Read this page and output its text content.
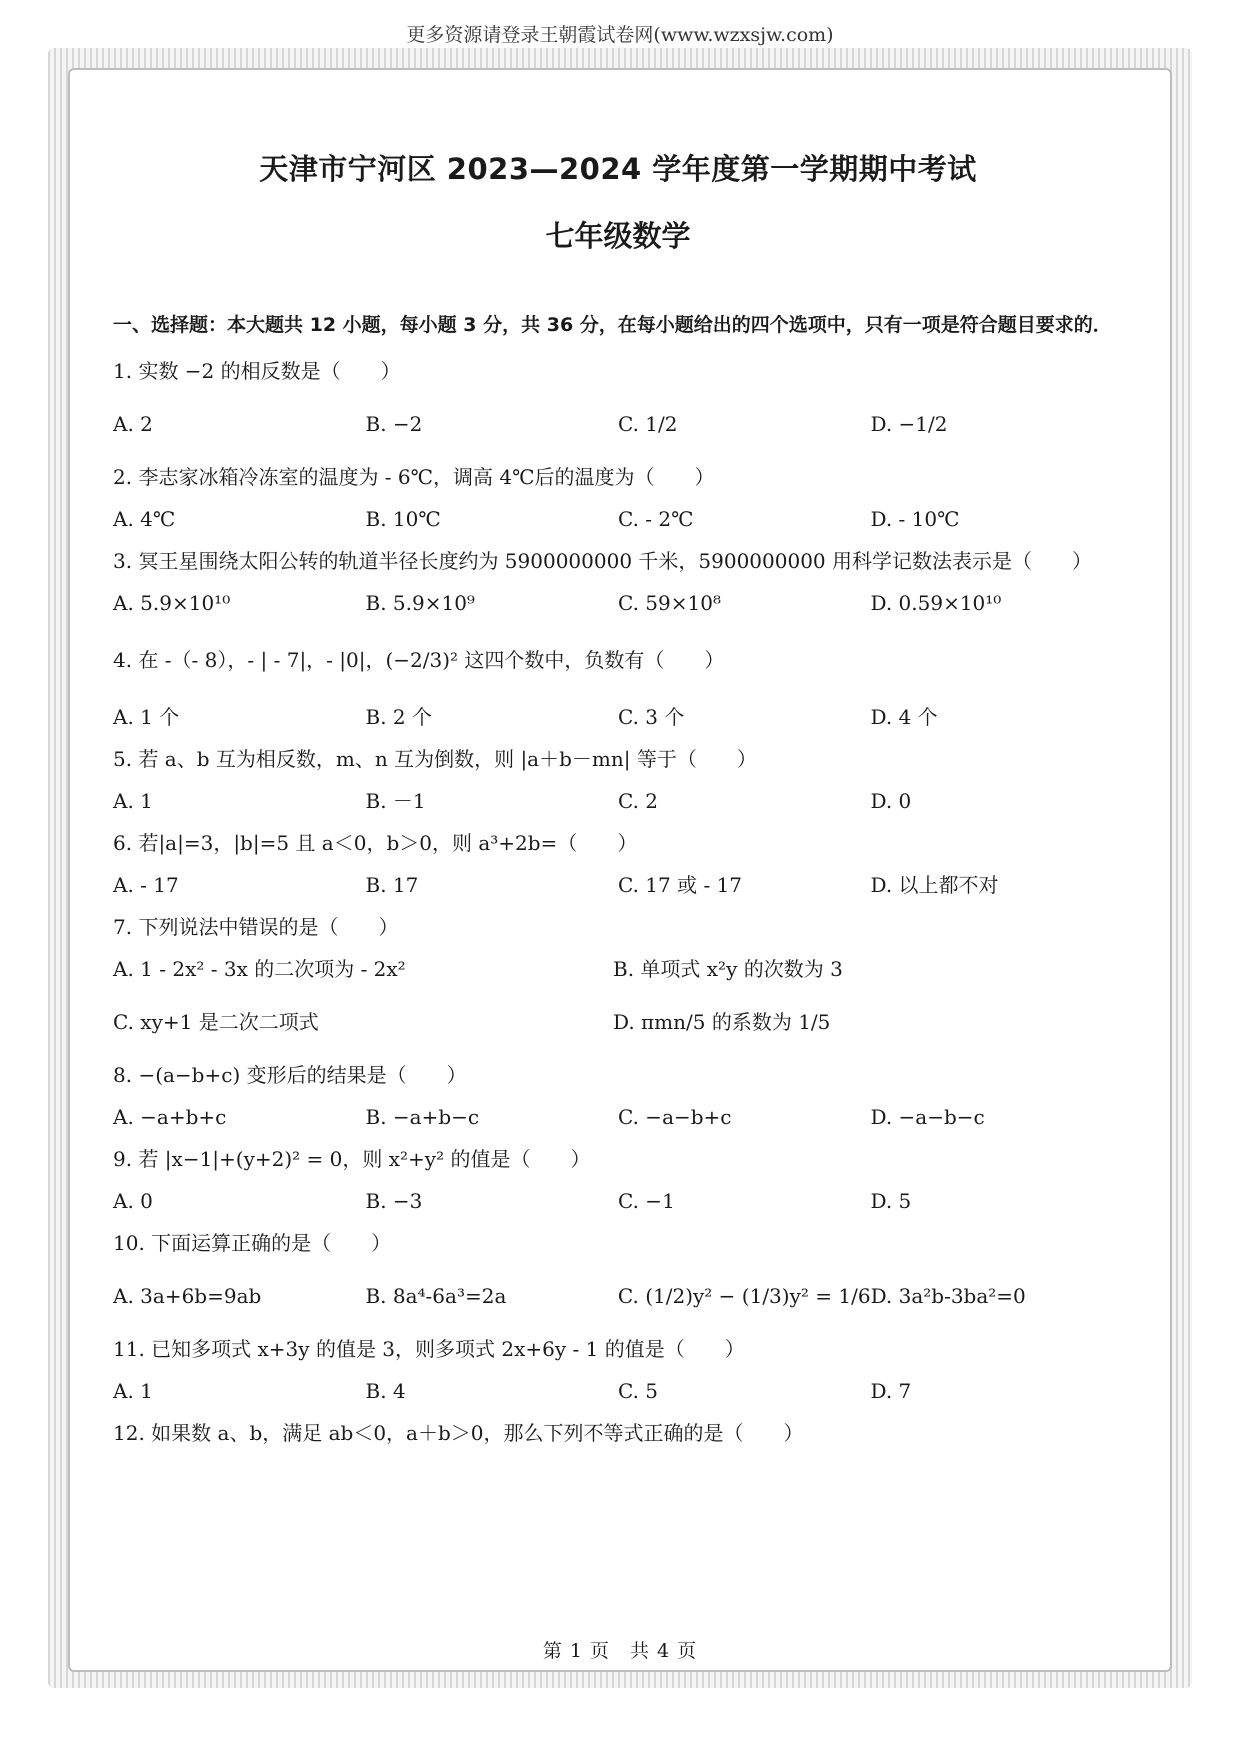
更多资源请登录王朝霞试卷网(www.wzxsjw.com)
天津市宁河区 2023—2024 学年度第一学期期中考试
七年级数学
一、选择题：本大题共 12 小题，每小题 3 分，共 36 分，在每小题给出的四个选项中，只有一项是符合题目要求的．
1. 实数 −2 的相反数是（　　）
A. 2	B. −2	C. 1/2	D. −1/2
2. 李志家冰箱冷冻室的温度为 - 6℃，调高 4℃后的温度为（　　）
A. 4℃	B. 10℃	C. - 2℃	D. - 10℃
3. 冥王星围绕太阳公转的轨道半径长度约为 5900000000 千米，5900000000 用科学记数法表示是（　　）
A. 5.9×10¹⁰	B. 5.9×10⁹	C. 59×10⁸	D. 0.59×10¹⁰
4. 在 -（- 8），- | - 7|，- |0|，(−2/3)² 这四个数中，负数有（　　）
A. 1 个	B. 2 个	C. 3 个	D. 4 个
5. 若 a、b 互为相反数，m、n 互为倒数，则 |a＋b－mn| 等于（　　）
A. 1	B. －1	C. 2	D. 0
6. 若|a|=3，|b|=5 且 a＜0，b＞0，则 a³+2b=（　　）
A. - 17	B. 17	C. 17 或 - 17	D. 以上都不对
7. 下列说法中错误的是（　　）
A. 1 - 2x² - 3x 的二次项为 - 2x²	B. 单项式 x²y 的次数为 3
C. xy+1 是二次二项式	D. πmn/5 的系数为 1/5
8. −(a−b+c) 变形后的结果是（　　）
A. −a+b+c	B. −a+b−c	C. −a−b+c	D. −a−b−c
9. 若 |x−1|+(y+2)² = 0，则 x²+y² 的值是（　　）
A. 0	B. −3	C. −1	D. 5
10. 下面运算正确的是（　　）
A. 3a+6b=9ab	B. 8a⁴-6a³=2a	C. (1/2)y² − (1/3)y² = 1/6 D. 3a²b-3ba²=0
11. 已知多项式 x+3y 的值是 3，则多项式 2x+6y - 1 的值是（　　）
A. 1	B. 4	C. 5	D. 7
12. 如果数 a、b，满足 ab＜0，a＋b＞0，那么下列不等式正确的是（　　）
第 1 页　共 4 页
